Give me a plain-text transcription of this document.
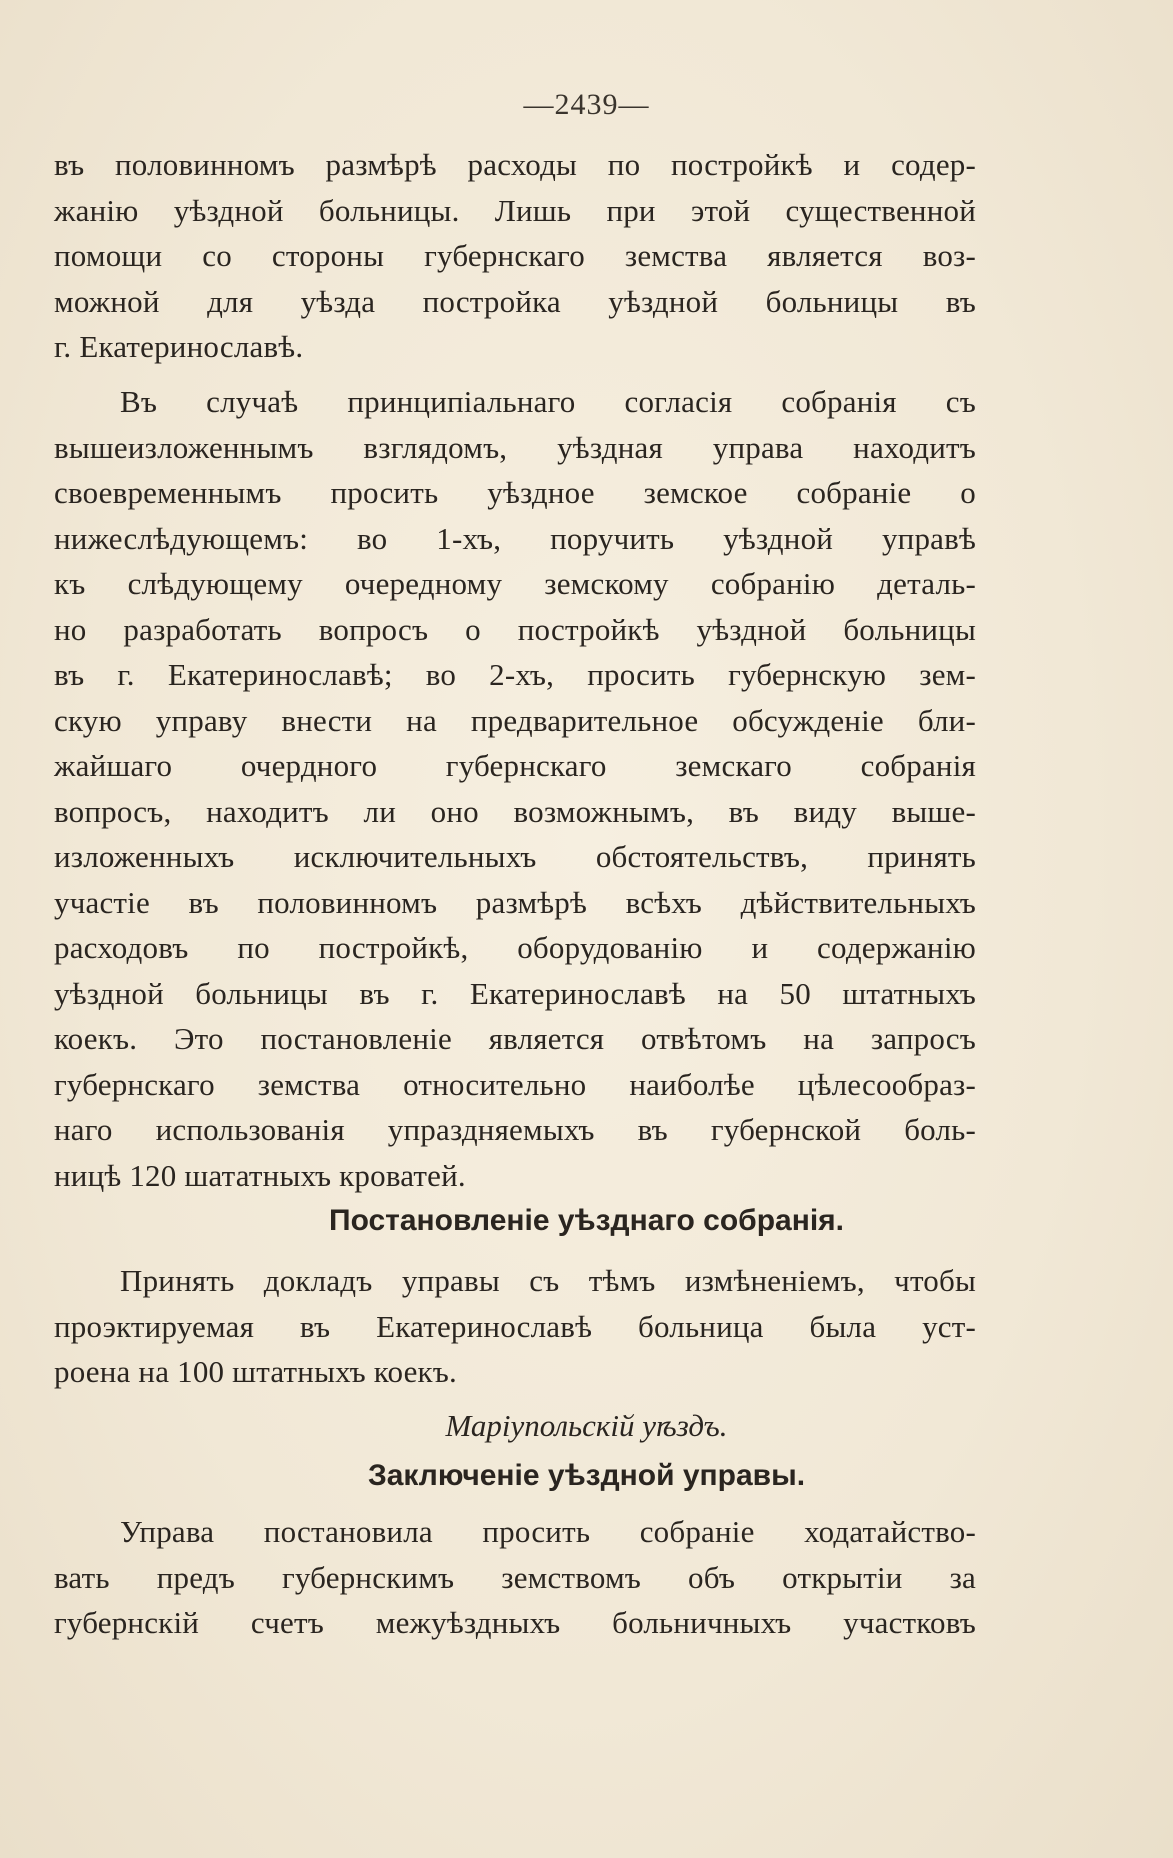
—2439—
въ половинномъ размѣрѣ расходы по постройкѣ и содер-
жанію уѣздной больницы. Лишь при этой существенной
помощи со стороны губернскаго земства является воз-
можной для уѣзда постройка уѣздной больницы въ
г. Екатеринославѣ.
Въ случаѣ принципіальнаго согласія собранія съ
вышеизложеннымъ взглядомъ, уѣздная управа находитъ
своевременнымъ просить уѣздное земское собраніе о
нижеслѣдующемъ: во 1-хъ, поручить уѣздной управѣ
къ слѣдующему очередному земскому собранію деталь-
но разработать вопросъ о постройкѣ уѣздной больницы
въ г. Екатеринославѣ; во 2-хъ, просить губернскую зем-
скую управу внести на предварительное обсужденіе бли-
жайшаго очердного губернскаго земскаго собранія
вопросъ, находитъ ли оно возможнымъ, въ виду выше-
изложенныхъ исключительныхъ обстоятельствъ, принять
участіе въ половинномъ размѣрѣ всѣхъ дѣйствительныхъ
расходовъ по постройкѣ, оборудованію и содержанію
уѣздной больницы въ г. Екатеринославѣ на 50 штатныхъ
коекъ. Это постановленіе является отвѣтомъ на запросъ
губернскаго земства относительно наиболѣе цѣлесообраз-
наго использованія упраздняемыхъ въ губернской боль-
ницѣ 120 шататныхъ кроватей.
Постановленіе уѣзднаго собранія.
Принять докладъ управы съ тѣмъ измѣненіемъ, чтобы
проэктируемая въ Екатеринославѣ больница была уст-
роена на 100 штатныхъ коекъ.
Маріупольскій уѣздъ.
Заключеніе уѣздной управы.
Управа постановила просить собраніе ходатайство-
вать предъ губернскимъ земствомъ объ открытіи за
губернскій счетъ межуѣздныхъ больничныхъ участковъ
